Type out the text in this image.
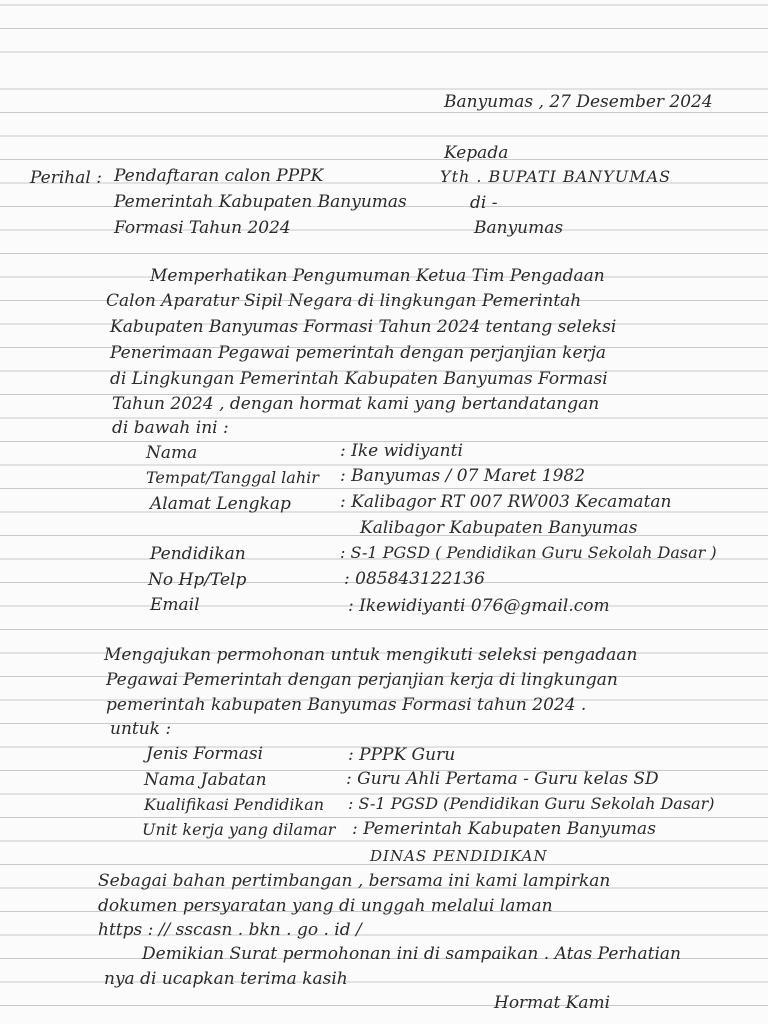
Banyumas , 27 Desember 2024
Kepada
Yth . BUPATI BANYUMAS
di -
Banyumas
Perihal : Pendaftaran calon PPPK
Pemerintah Kabupaten Banyumas
Formasi Tahun 2024
Memperhatikan Pengumuman Ketua Tim Pengadaan
Calon Aparatur Sipil Negara di lingkungan Pemerintah
Kabupaten Banyumas Formasi Tahun 2024 tentang seleksi
Penerimaan Pegawai pemerintah dengan perjanjian kerja
di Lingkungan Pemerintah Kabupaten Banyumas Formasi
Tahun 2024 , dengan hormat kami yang bertandatangan
di bawah ini :
Nama	: Ike widiyanti
Tempat/Tanggal lahir : Banyumas / 07 Maret 1982
Alamat Lengkap	: Kalibagor RT 007 RW003 Kecamatan
Kalibagor Kabupaten Banyumas
Pendidikan	: S-1 PGSD ( Pendidikan Guru Sekolah Dasar )
No Hp/Telp	: 085843122136
Email	: Ikewidiyanti 076@gmail.com
Mengajukan permohonan untuk mengikuti seleksi pengadaan
Pegawai Pemerintah dengan perjanjian kerja di lingkungan
pemerintah kabupaten Banyumas Formasi tahun 2024 .
untuk :
Jenis Formasi	: PPPK Guru
Nama Jabatan	: Guru Ahli Pertama - Guru kelas SD
Kualifikasi Pendidikan : S-1 PGSD (Pendidikan Guru Sekolah Dasar)
Unit kerja yang dilamar : Pemerintah Kabupaten Banyumas
DINAS PENDIDIKAN
Sebagai bahan pertimbangan , bersama ini kami lampirkan
dokumen persyaratan yang di unggah melalui laman
https : // sscasn . bkn . go . id /
Demikian Surat permohonan ini di sampaikan . Atas Perhatian
nya di ucapkan terima kasih
Hormat Kami
